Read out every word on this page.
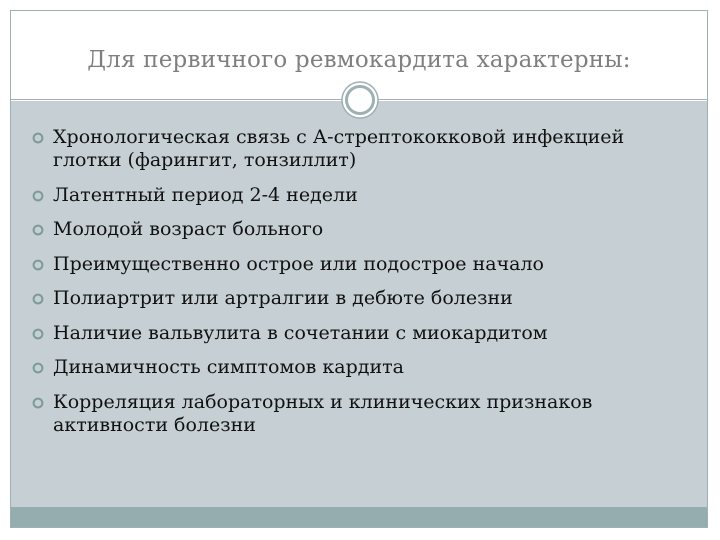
Для первичного ревмокардита характерны:
Хронологическая связь с А-стрептококковой инфекцией глотки (фарингит, тонзиллит)
Латентный период 2-4 недели
Молодой возраст больного
Преимущественно острое или подострое начало
Полиартрит или артралгии в дебюте болезни
Наличие вальвулита в сочетании с миокардитом
Динамичность симптомов кардита
Корреляция лабораторных и клинических признаков активности болезни
